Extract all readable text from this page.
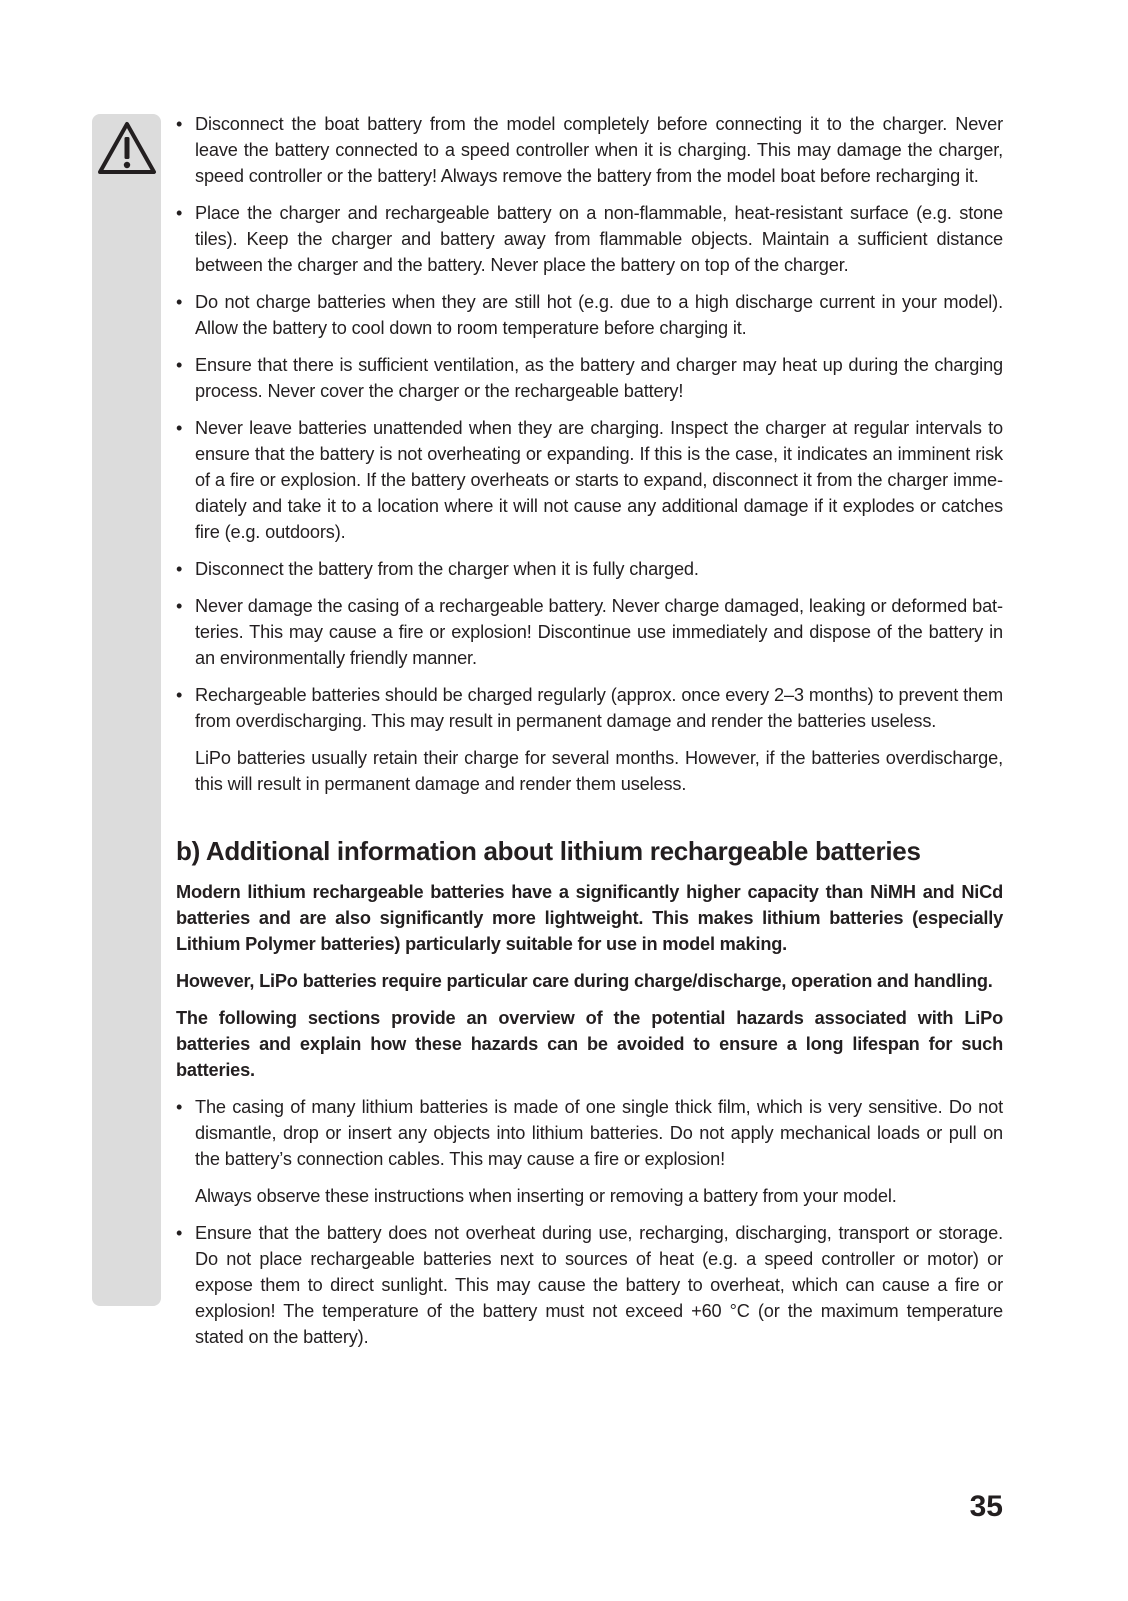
• Disconnect the boat battery from the model completely before connecting it to the charger. Never leave the battery connected to a speed controller when it is charging. This may damage the charger, speed controller or the battery! Always remove the battery from the model boat before recharging it.
• Place the charger and rechargeable battery on a non-flammable, heat-resistant surface (e.g. stone tiles). Keep the charger and battery away from flammable objects. Maintain a sufficient distance between the charger and the battery. Never place the battery on top of the charger.
• Do not charge batteries when they are still hot (e.g. due to a high discharge current in your model). Allow the battery to cool down to room temperature before charging it.
• Ensure that there is sufficient ventilation, as the battery and charger may heat up during the charging process. Never cover the charger or the rechargeable battery!
• Never leave batteries unattended when they are charging. Inspect the charger at regular intervals to ensure that the battery is not overheating or expanding. If this is the case, it indicates an imminent risk of a fire or explosion. If the battery overheats or starts to expand, disconnect it from the charger immediately and take it to a location where it will not cause any additional damage if it explodes or catches fire (e.g. outdoors).
• Disconnect the battery from the charger when it is fully charged.
• Never damage the casing of a rechargeable battery. Never charge damaged, leaking or deformed batteries. This may cause a fire or explosion! Discontinue use immediately and dispose of the battery in an environmentally friendly manner.
• Rechargeable batteries should be charged regularly (approx. once every 2–3 months) to prevent them from overdischarging. This may result in permanent damage and render the batteries useless.

LiPo batteries usually retain their charge for several months. However, if the batteries overdischarge, this will result in permanent damage and render them useless.

b) Additional information about lithium rechargeable batteries

Modern lithium rechargeable batteries have a significantly higher capacity than NiMH and NiCd batteries and are also significantly more lightweight. This makes lithium batteries (especially Lithium Polymer batteries) particularly suitable for use in model making.

However, LiPo batteries require particular care during charge/discharge, operation and handling.

The following sections provide an overview of the potential hazards associated with LiPo batteries and explain how these hazards can be avoided to ensure a long lifespan for such batteries.

• The casing of many lithium batteries is made of one single thick film, which is very sensitive. Do not dismantle, drop or insert any objects into lithium batteries. Do not apply mechanical loads or pull on the battery’s connection cables. This may cause a fire or explosion!

Always observe these instructions when inserting or removing a battery from your model.

• Ensure that the battery does not overheat during use, recharging, discharging, transport or storage. Do not place rechargeable batteries next to sources of heat (e.g. a speed controller or motor) or expose them to direct sunlight. This may cause the battery to overheat, which can cause a fire or explosion! The temperature of the battery must not exceed +60 °C (or the maximum temperature stated on the battery).
35
